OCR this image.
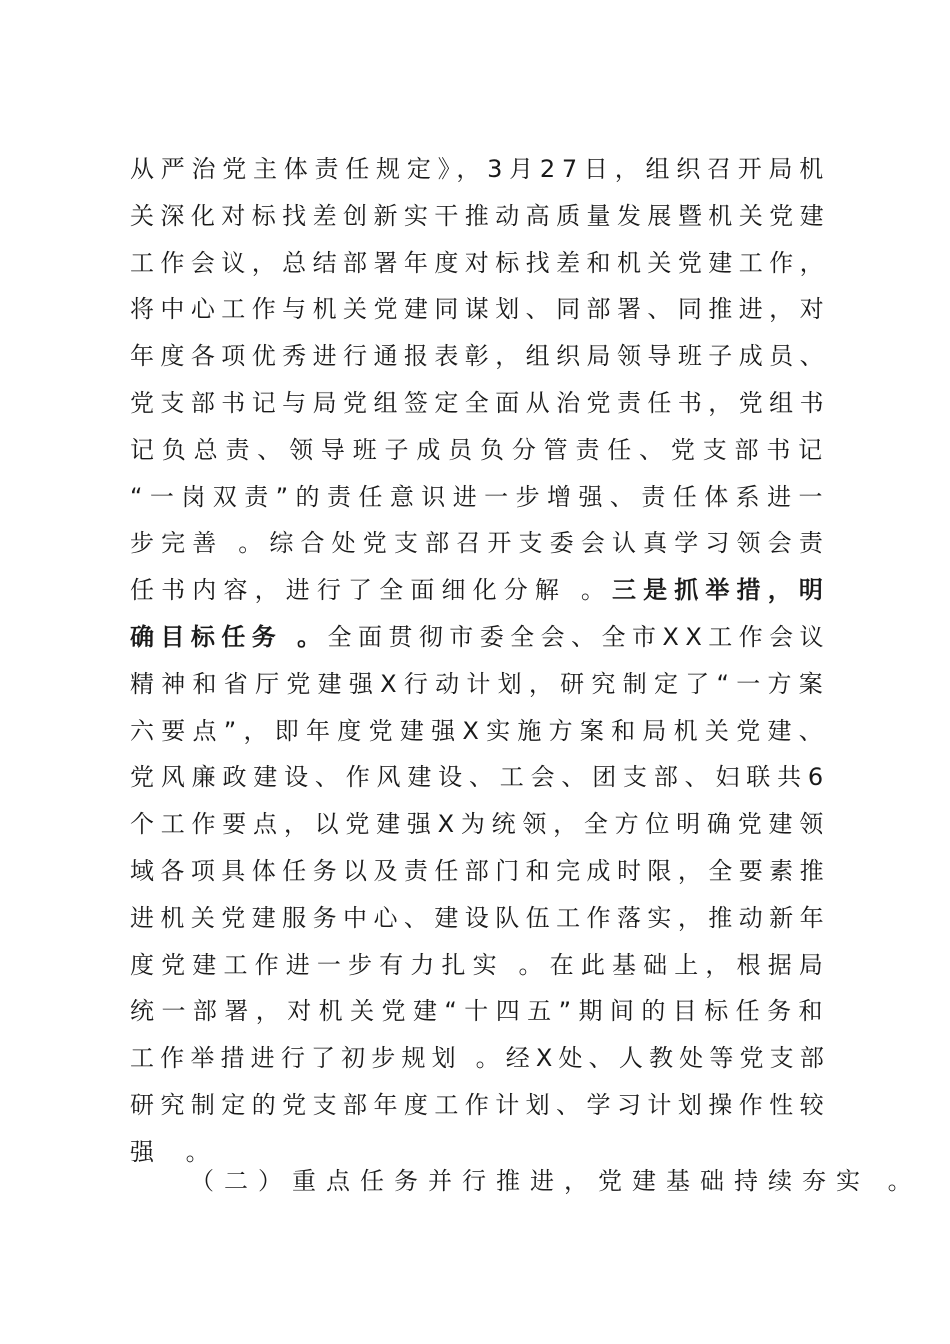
从严治党主体责任规定》，3月27日，组织召开局机
关深化对标找差创新实干推动高质量发展暨机关党建
工作会议，总结部署年度对标找差和机关党建工作，
将中心工作与机关党建同谋划、同部署、同推进，对
年度各项优秀进行通报表彰，组织局领导班子成员、
党支部书记与局党组签定全面从治党责任书，党组书
记负总责、领导班子成员负分管责任、党支部书记
“一岗双责”的责任意识进一步增强、责任体系进一
步完善 。综合处党支部召开支委会认真学习领会责
任书内容，进行了全面细化分解 。 三是抓举措，明
确目标任务 。 全面贯彻市委全会、全市XX工作会议
精神和省厅党建强X行动计划，研究制定了“一方案
六要点”，即年度党建强X实施方案和局机关党建、
党风廉政建设、作风建设、工会、团支部、妇联共6
个工作要点，以党建强X为统领，全方位明确党建领
域各项具体任务以及责任部门和完成时限，全要素推
进机关党建服务中心、建设队伍工作落实，推动新年
度党建工作进一步有力扎实 。在此基础上，根据局
统一部署，对机关党建“十四五”期间的目标任务和
工作举措进行了初步规划 。经X处、人教处等党支部
研究制定的党支部年度工作计划、学习计划操作性较
强 。
（二）重点任务并行推进，党建基础持续夯实 。
